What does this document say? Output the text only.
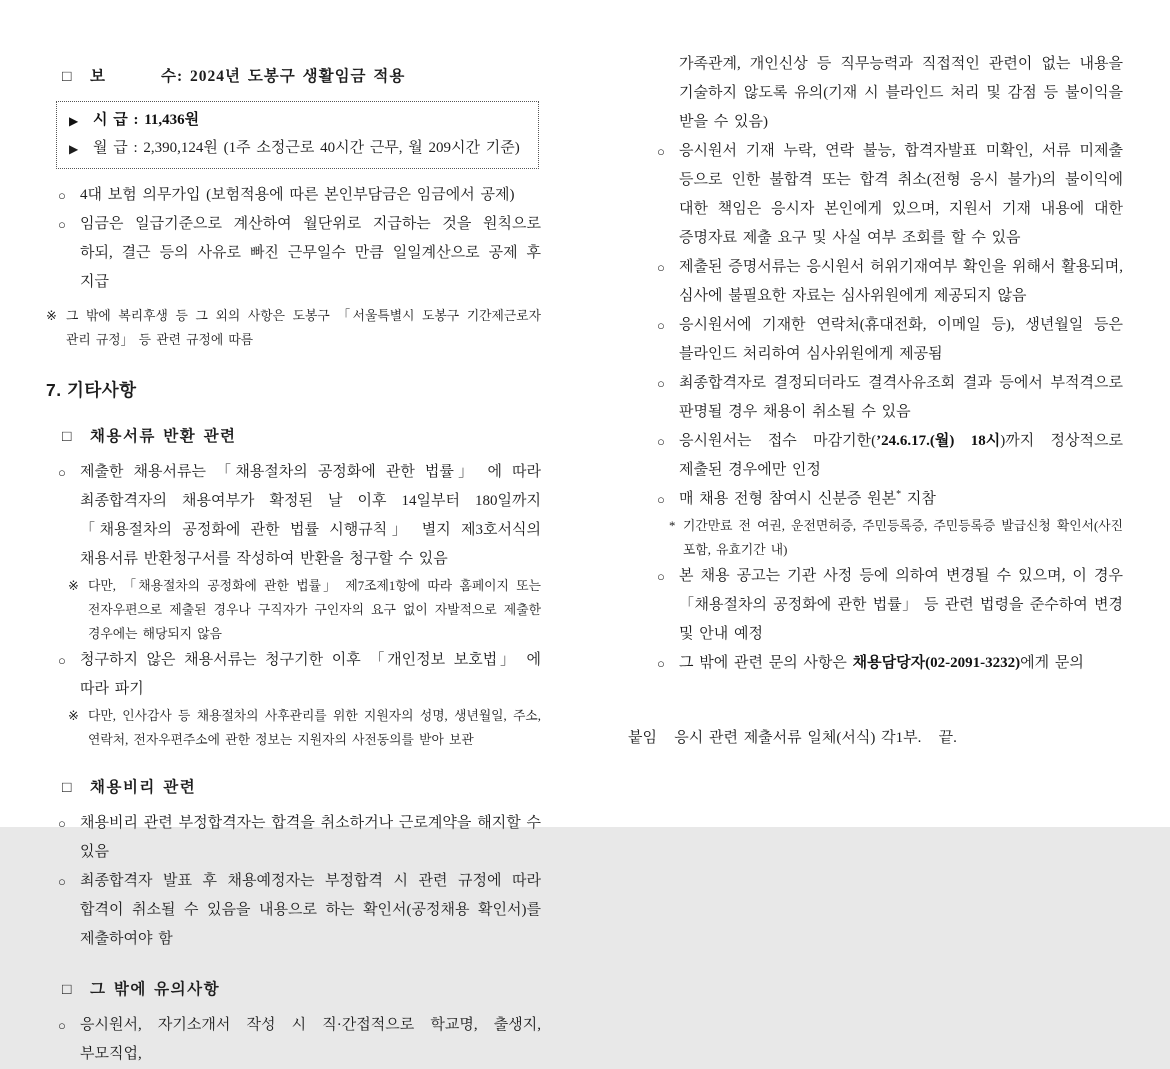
□	보        수: 2024년 도봉구 생활임금 적용
▶ 시 급 : 11,436원
▶ 월 급 : 2,390,124원 (1주 소정근로 40시간 근무, 월 209시간 기준)
○ 4대 보험 의무가입 (보험적용에 따른 본인부담금은 임금에서 공제)
○ 임금은 일급기준으로 계산하여 월단위로 지급하는 것을 원칙으로 하되, 결근 등의 사유로 빠진 근무일수 만큼 일일계산으로 공제 후 지급
※ 그 밖에 복리후생 등 그 외의 사항은 도봉구 「서울특별시 도봉구 기간제근로자 관리 규정」 등 관련 규정에 따름
7. 기타사항
□	채용서류 반환 관련
○ 제출한 채용서류는 「채용절차의 공정화에 관한 법률」 에 따라 최종합격자의 채용여부가 확정된 날 이후 14일부터 180일까지 「채용절차의 공정화에 관한 법률 시행규칙」 별지 제3호서식의 채용서류 반환청구서를 작성하여 반환을 청구할 수 있음
※ 다만, 「채용절차의 공정화에 관한 법률」 제7조제1항에 따라 홈페이지 또는 전자우편으로 제출된 경우나 구직자가 구인자의 요구 없이 자발적으로 제출한 경우에는 해당되지 않음
○ 청구하지 않은 채용서류는 청구기한 이후 「개인정보 보호법」 에 따라 파기
※ 다만, 인사감사 등 채용절차의 사후관리를 위한 지원자의 성명, 생년월일, 주소, 연락처, 전자우편주소에 관한 정보는 지원자의 사전동의를 받아 보관
□	채용비리 관련
○ 채용비리 관련 부정합격자는 합격을 취소하거나 근로계약을 해지할 수 있음
○ 최종합격자 발표 후 채용예정자는 부정합격 시 관련 규정에 따라 합격이 취소될 수 있음을 내용으로 하는 확인서(공정채용 확인서)를 제출하여야 함
□	그 밖에 유의사항
○ 응시원서, 자기소개서 작성 시 직·간접적으로 학교명, 출생지, 부모직업,
가족관계, 개인신상 등 직무능력과 직접적인 관련이 없는 내용을 기술하지 않도록 유의(기재 시 블라인드 처리 및 감점 등 불이익을 받을 수 있음)
○ 응시원서 기재 누락, 연락 불능, 합격자발표 미확인, 서류 미제출 등으로 인한 불합격 또는 합격 취소(전형 응시 불가)의 불이익에 대한 책임은 응시자 본인에게 있으며, 지원서 기재 내용에 대한 증명자료 제출 요구 및 사실 여부 조회를 할 수 있음
○ 제출된 증명서류는 응시원서 허위기재여부 확인을 위해서 활용되며, 심사에 불필요한 자료는 심사위원에게 제공되지 않음
○ 응시원서에 기재한 연락처(휴대전화, 이메일 등), 생년월일 등은 블라인드 처리하여 심사위원에게 제공됨
○ 최종합격자로 결정되더라도 결격사유조회 결과 등에서 부적격으로 판명될 경우 채용이 취소될 수 있음
○ 응시원서는 접수 마감기한(’24.6.17.(월) 18시)까지 정상적으로 제출된 경우에만 인정
○ 매 채용 전형 참여시 신분증 원본* 지참
* 기간만료 전 여권, 운전면허증, 주민등록증, 주민등록증 발급신청 확인서(사진 포함, 유효기간 내)
○ 본 채용 공고는 기관 사정 등에 의하여 변경될 수 있으며, 이 경우 「채용절차의 공정화에 관한 법률」 등 관련 법령을 준수하여 변경 및 안내 예정
○ 그 밖에 관련 문의 사항은 채용담당자(02-2091-3232)에게 문의
붙임   응시 관련 제출서류 일체(서식) 각1부.   끝.
